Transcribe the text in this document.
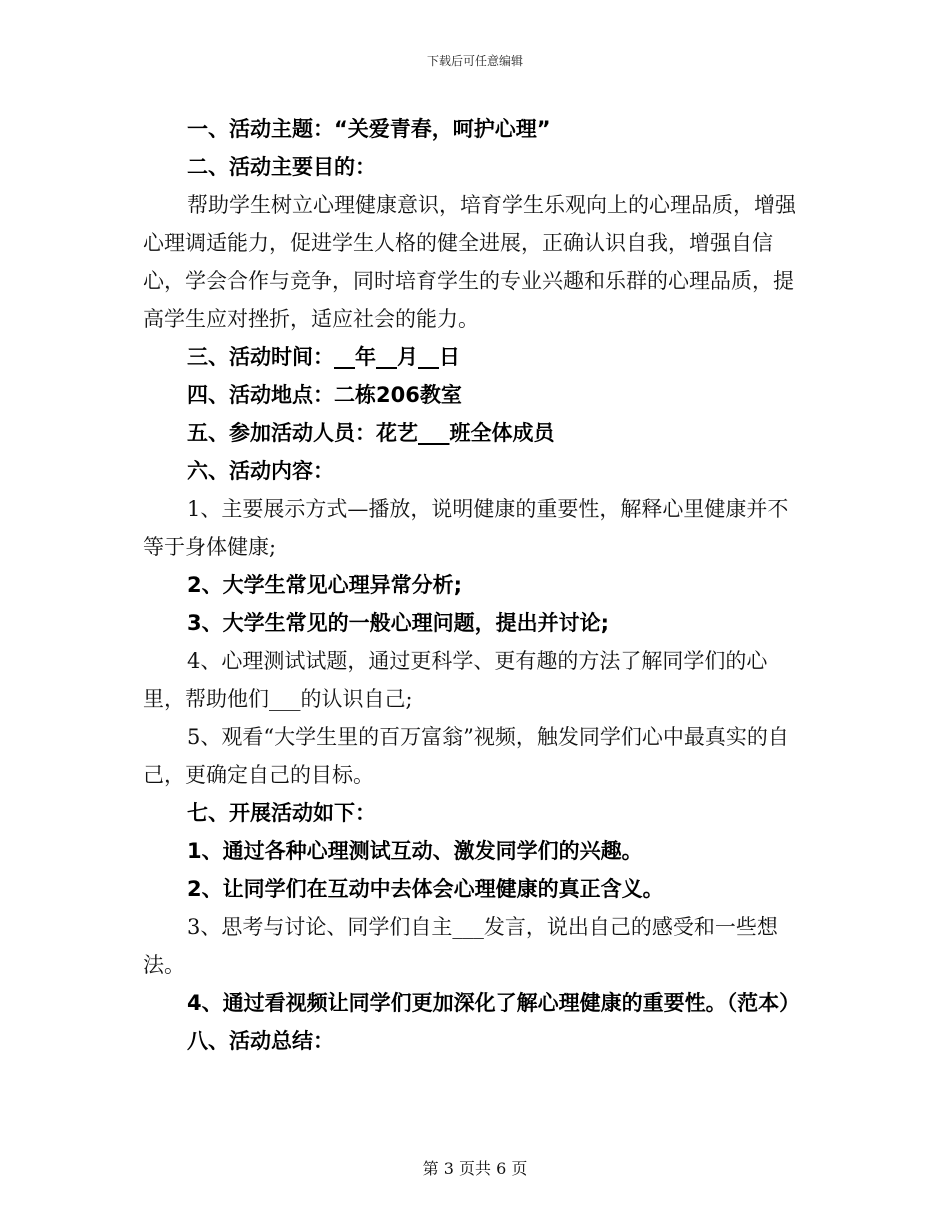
下载后可任意编辑

一、活动主题：“关爱青春，呵护心理”

二、活动主要目的：

帮助学生树立心理健康意识，培育学生乐观向上的心理品质，增强心理调适能力，促进学生人格的健全进展，正确认识自我，增强自信心，学会合作与竞争，同时培育学生的专业兴趣和乐群的心理品质，提高学生应对挫折，适应社会的能力。

三、活动时间：__年__月__日

四、活动地点：二栋206教室

五、参加活动人员：花艺___班全体成员

六、活动内容：

1、主要展示方式—播放，说明健康的重要性，解释心里健康并不等于身体健康;

2、大学生常见心理异常分析;

3、大学生常见的一般心理问题，提出并讨论;

4、心理测试试题，通过更科学、更有趣的方法了解同学们的心里，帮助他们___的认识自己;

5、观看“大学生里的百万富翁”视频，触发同学们心中最真实的自己，更确定自己的目标。

七、开展活动如下：

1、通过各种心理测试互动、激发同学们的兴趣。

2、让同学们在互动中去体会心理健康的真正含义。

3、思考与讨论、同学们自主___发言，说出自己的感受和一些想法。

4、通过看视频让同学们更加深化了解心理健康的重要性。（范本）

八、活动总结：

第 3 页共 6 页
